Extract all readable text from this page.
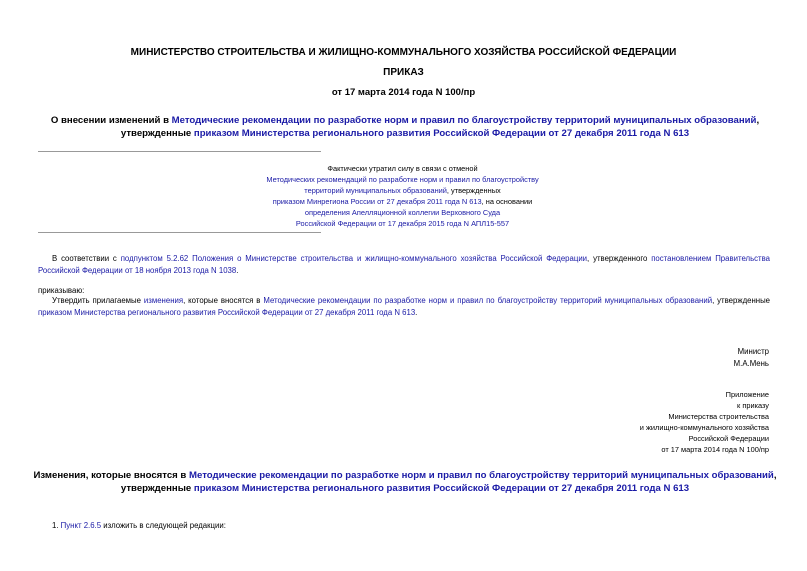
МИНИСТЕРСТВО СТРОИТЕЛЬСТВА И ЖИЛИЩНО-КОММУНАЛЬНОГО ХОЗЯЙСТВА РОССИЙСКОЙ ФЕДЕРАЦИИ
ПРИКАЗ
от 17 марта 2014 года N 100/пр
О внесении изменений в Методические рекомендации по разработке норм и правил по благоустройству территорий муниципальных образований, утвержденные приказом Министерства регионального развития Российской Федерации от 27 декабря 2011 года N 613
Фактически утратил силу в связи с отменой
Методических рекомендаций по разработке норм и правил по благоустройству
территорий муниципальных образований, утвержденных
приказом Минрегиона России от 27 декабря 2011 года N 613, на основании
определения Апелляционной коллегии Верховного Суда
Российской Федерации от 17 декабря 2015 года N АПЛ15-557
В соответствии с подпунктом 5.2.62 Положения о Министерстве строительства и жилищно-коммунального хозяйства Российской Федерации, утвержденного постановлением Правительства Российской Федерации от 18 ноября 2013 года N 1038.
приказываю:
Утвердить прилагаемые изменения, которые вносятся в Методические рекомендации по разработке норм и правил по благоустройству территорий муниципальных образований, утвержденные приказом Министерства регионального развития Российской Федерации от 27 декабря 2011 года N 613.
Министр
М.А.Мень
Приложение
к приказу
Министерства строительства
и жилищно-коммунального хозяйства
Российской Федерации
от 17 марта 2014 года N 100/пр
Изменения, которые вносятся в Методические рекомендации по разработке норм и правил по благоустройству территорий муниципальных образований, утвержденные приказом Министерства регионального развития Российской Федерации от 27 декабря 2011 года N 613
1. Пункт 2.6.5 изложить в следующей редакции:
